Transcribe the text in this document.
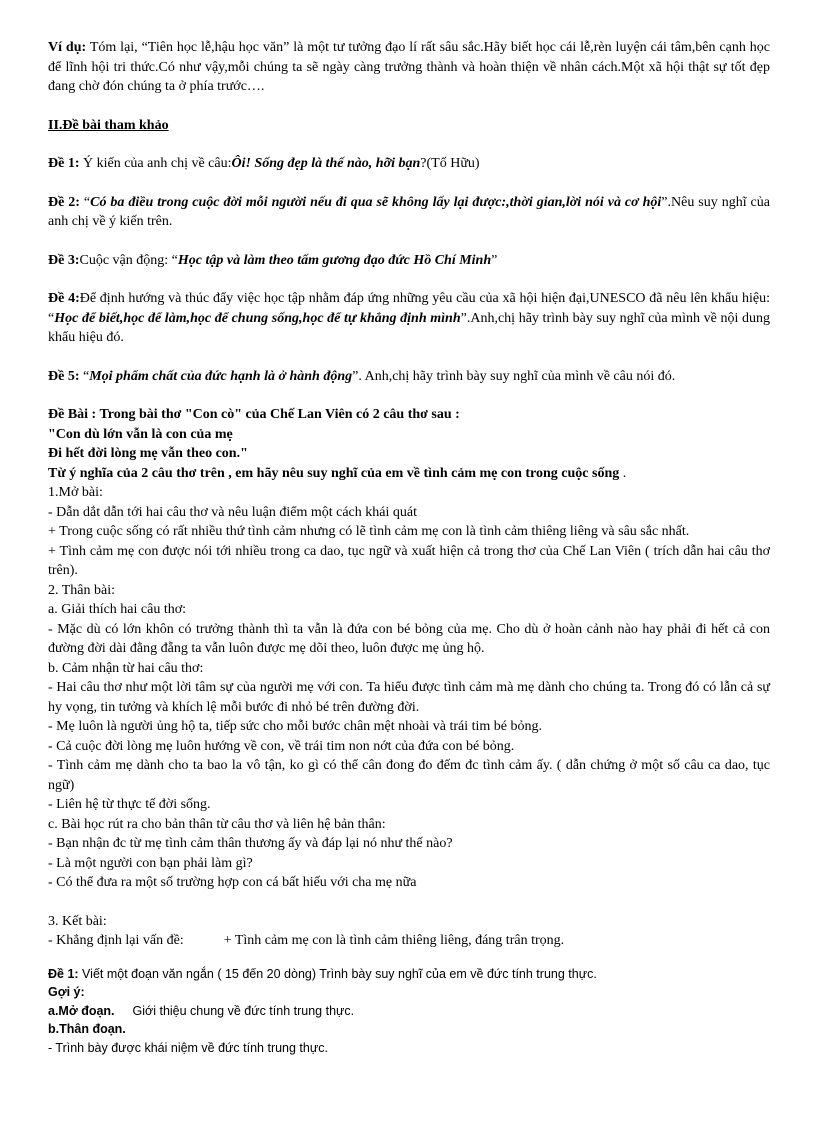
Ví dụ: Tóm lại, “Tiên học lễ,hậu học văn” là một tư tưởng đạo lí rất sâu sắc.Hãy biết học cái lễ,rèn luyện cái tâm,bên cạnh học để lĩnh hội tri thức.Có như vậy,mỗi chúng ta sẽ ngày càng trưởng thành và hoàn thiện về nhân cách.Một xã hội thật sự tốt đẹp đang chờ đón chúng ta ở phía trước….

II.Đề bài tham khảo

Đề 1: Ý kiến của anh chị về câu:Ôi! Sống đẹp là thế nào, hỡi bạn?(Tố Hữu)

Đề 2: “Có ba điều trong cuộc đời mỗi người nếu đi qua sẽ không lấy lại được:,thời gian,lời nói và cơ hội”.Nêu suy nghĩ của anh chị về ý kiến trên.

Đề 3:Cuộc vận động: “Học tập và làm theo tấm gương đạo đức Hồ Chí Minh”

Đề 4:Để định hướng và thúc đẩy việc học tập nhằm đáp ứng những yêu cầu của xã hội hiện đại,UNESCO đã nêu lên khẩu hiệu: “Học để biết,học để làm,học để chung sống,học để tự khẳng định mình”.Anh,chị hãy trình bày suy nghĩ của mình về nội dung khẩu hiệu đó.

Đề 5: “Mọi phẩm chất của đức hạnh là ở hành động”. Anh,chị hãy trình bày suy nghĩ của mình về câu nói đó.

Đề Bài : Trong bài thơ "Con cò" của Chế Lan Viên có 2 câu thơ sau :

"Con dù lớn vẫn là con của mẹ

Đi hết đời lòng mẹ vẫn theo con."

Từ ý nghĩa của 2 câu thơ trên , em hãy nêu suy nghĩ của em về tình cảm mẹ con trong cuộc sống .

1.Mở bài:

- Dẫn dắt dẫn tới hai câu thơ và nêu luận điểm một cách khái quát

+ Trong cuộc sống có rất nhiều thứ tình cảm nhưng có lẽ tình cảm mẹ con là tình cảm thiêng liêng và sâu sắc nhất.

+ Tình cảm mẹ con được nói tới nhiều trong ca dao, tục ngữ và xuất hiện cả trong thơ của Chế Lan Viên ( trích dẫn hai câu thơ trên).

2. Thân bài:

a. Giải thích hai câu thơ:

- Mặc dù có lớn khôn có trưởng thành thì ta vẫn là đứa con bé bỏng của mẹ. Cho dù ở hoàn cảnh nào hay phải đi hết cả con đường đời dài đằng đẵng ta vẫn luôn được mẹ dõi theo, luôn được mẹ ủng hộ.

b. Cảm nhận từ hai câu thơ:

- Hai câu thơ như một lời tâm sự của người mẹ với con. Ta hiểu được tình cảm mà mẹ dành cho chúng ta. Trong đó có lẫn cả sự hy vọng, tin tưởng và khích lệ mỗi bước đi nhỏ bé trên đường đời.

- Mẹ luôn là người ủng hộ ta, tiếp sức cho mỗi bước chân mệt nhoài và trái tim bé bỏng.

- Cả cuộc đời lòng mẹ luôn hướng về con, về trái tim non nớt của đứa con bé bỏng.

- Tình cảm mẹ dành cho ta bao la vô tận, ko gì có thể cân đong đo đếm đc tình cảm ấy. ( dẫn chứng ở một số câu ca dao, tục ngữ)

- Liên hệ từ thực tế đời sống.

c. Bài học rút ra cho bản thân từ câu thơ và liên hệ bản thân:

- Bạn nhận đc từ mẹ tình cảm thân thương ấy và đáp lại nó như thế nào?

- Là một người con bạn phải làm gì?

- Có thể đưa ra một số trường hợp con cá bất hiếu với cha mẹ nữa

3. Kết bài:

- Khẳng định lại vấn đề:	+ Tình cảm mẹ con là tình cảm thiêng liêng, đáng trân trọng.

Đề 1: Viết một đoạn văn ngắn ( 15 đến 20 dòng) Trình bày suy nghĩ của em về đức tính trung thực.

Gợi ý:

a.Mở đoạn. Giới thiệu chung về đức tính trung thực.

b.Thân đoạn.

- Trình bày được khái niệm về đức tính trung thực.
